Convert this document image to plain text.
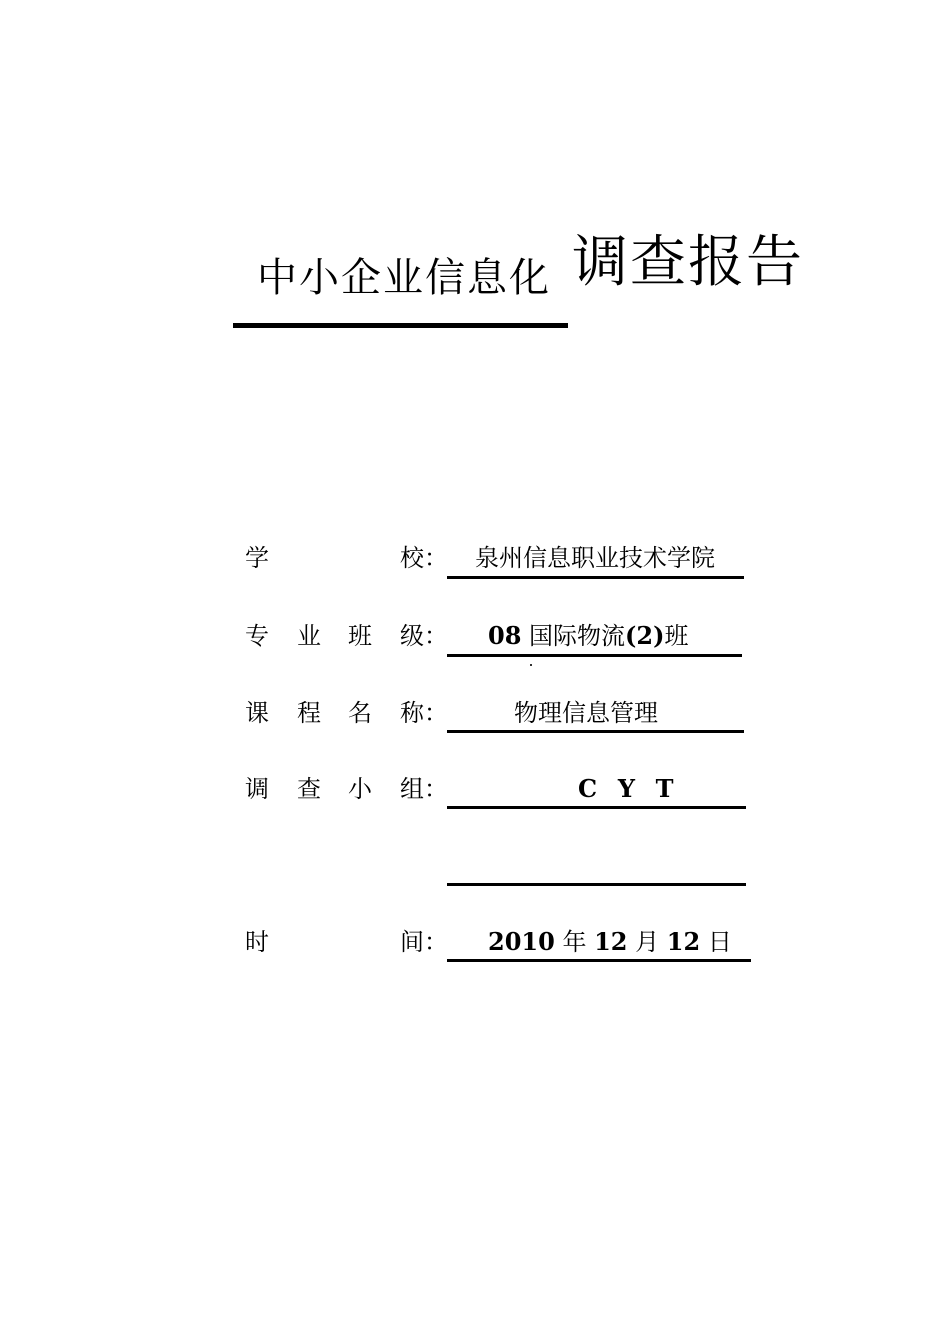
中小企业信息化 调查报告
学	校： 泉州信息职业技术学院
专 业 班 级： 08 国际物流(2)班
课 程 名 称：	物理信息管理
调 查 小 组：	C  Y  T
时	间： 2010 年 12 月 12 日
